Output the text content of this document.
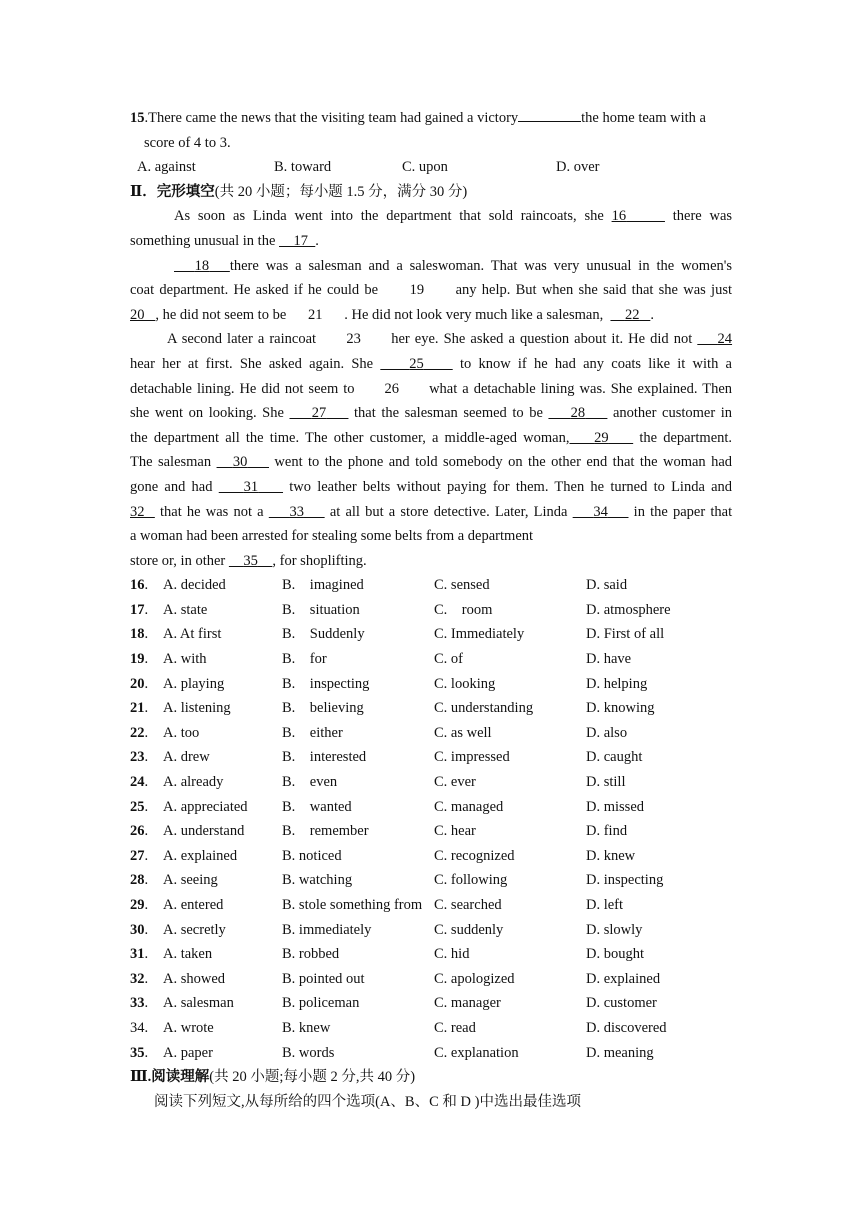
15.There came the news that the visiting team had gained a victory	the home team with a
score of 4 to 3.
A. against	B. toward	C. upon	D. over
Ⅱ．完形填空(共 20 小题；每小题 1.5 分，满分 30 分)
As soon as Linda went into the department that sold raincoats, she 16	there was
something unusual in the 17 .
18 there was a salesman and a saleswoman. That was very unusual in the women's
coat department. He asked if he could be 19 any help. But when she said that she was just
20 , he did not seem to be 21 . He did not look very much like a salesman, 22 .
A second later a raincoat 23 her eye. She asked a question about it. He did not 24
hear her at first. She asked again. She 25 to know if he had any coats like it with a
detachable lining. He did not seem to 26 what a detachable lining was. She explained. Then
she went on looking. She 27 that the salesman seemed to be 28 another customer in
the department all the time. The other customer, a middle-aged woman, 29 the department.
The salesman 30 went to the phone and told somebody on the other end that the woman had
gone and had 31 two leather belts without paying for them. Then he turned to Linda and
32 that he was not a 33 at all but a store detective. Later, Linda 34 in the paper that
a woman had been arrested for stealing some belts from a department
store or, in other 35 , for shoplifting.
16.	A. decided	B.    imagined	C. sensed	D. said
17.	A. state	B.    situation	C.    room	D. atmosphere
18.	A. At first	B.    Suddenly	C. Immediately	D. First of all
19.	A. with	B.    for	C. of	D. have
20.	A. playing	B.    inspecting	C. looking	D. helping
21.	A. listening	B.    believing	C. understanding	D. knowing
22.	A. too	B.    either	C. as well	D. also
23.	A. drew	B.    interested	C. impressed	D. caught
24.	A. already	B.    even	C. ever	D. still
25.	A. appreciated	B.    wanted	C. managed	D. missed
26.	A. understand	B.    remember	C. hear	D. find
27.	A. explained	B. noticed	C. recognized	D. knew
28.	A. seeing	B. watching	C. following	D. inspecting
29.	A. entered	B. stole something from	C. searched	D. left
30.	A. secretly	B. immediately	C. suddenly	D. slowly
31.	A. taken	B. robbed	C. hid	D. bought
32.	A. showed	B. pointed out	C. apologized	D. explained
33.	A. salesman	B. policeman	C. manager	D. customer
34.	A. wrote	B. knew	C. read	D. discovered
35.	A. paper	B. words	C. explanation	D. meaning
Ⅲ.阅读理解(共 20 小题;每小题 2 分,共 40 分)
阅读下列短文,从每所给的四个选项(A、B、C 和 D )中选出最佳选项
